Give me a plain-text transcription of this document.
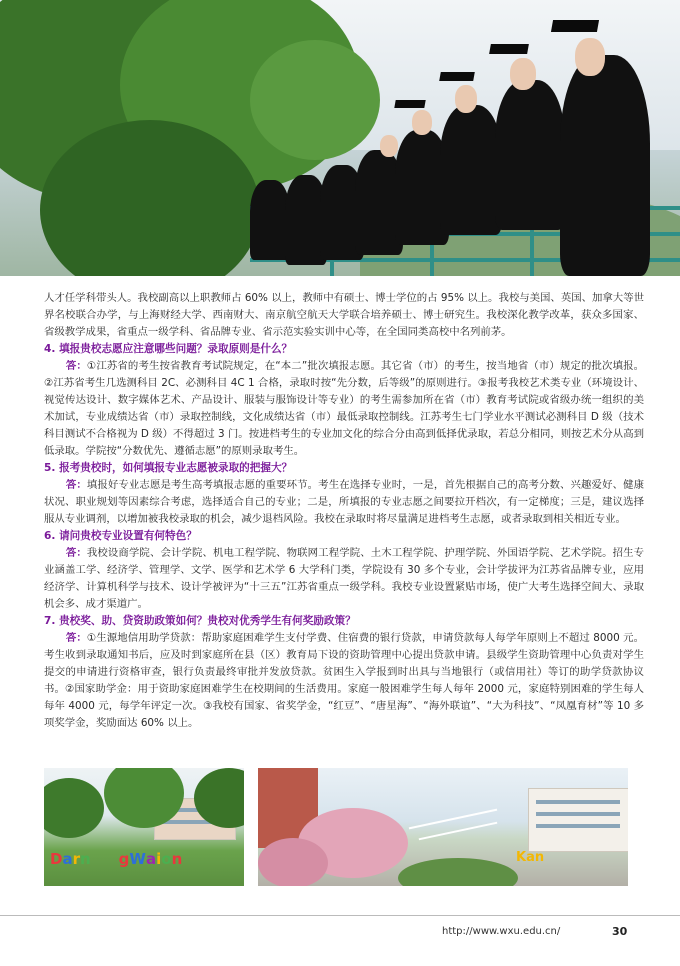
人才任学科带头人。我校副高以上职教师占 60% 以上，教师中有硕士、博士学位的占 95% 以上。我校与美国、英国、加拿大等世界名校联合办学，与上海财经大学、西南财大、南京航空航天大学联合培养硕士、博士研究生。我校深化教学改革，获众多国家、省级教学成果，省重点一级学科、省品牌专业、省示范实验实训中心等，在全国同类高校中名列前茅。

4. 填报贵校志愿应注意哪些问题？录取原则是什么？

答：①江苏省的考生按省教育考试院规定，在“本二”批次填报志愿。其它省（市）的考生，按当地省（市）规定的批次填报。②江苏省考生几选测科目 2C、必测科目 4C 1 合格，录取时按“先分数，后等级”的原则进行。③报考我校艺术类专业（环境设计、视觉传达设计、数字媒体艺术、产品设计、服装与服饰设计等专业）的考生需参加所在省（市）教育考试院或省级办统一组织的美术加试，专业成绩达省（市）录取控制线，文化成绩达省（市）最低录取控制线。江苏考生七门学业水平测试必测科目 D 级（技术科目测试不合格视为 D 级）不得超过 3 门。按进档考生的专业加文化的综合分由高到低择优录取，若总分相同，则按艺术分从高到低录取。学院按“分数优先、遵循志愿”的原则录取考生。

5. 报考贵校时，如何填报专业志愿被录取的把握大？

答：填报好专业志愿是考生高考填报志愿的重要环节。考生在选择专业时，一是，首先根据自己的高考分数、兴趣爱好、健康状况、职业规划等因素综合考虑，选择适合自己的专业；二是，所填报的专业志愿之间要拉开档次，有一定梯度；三是，建议选择服从专业调剂，以增加被我校录取的机会，减少退档风险。我校在录取时将尽量满足进档考生志愿，或者录取到相关相近专业。

6. 请问贵校专业设置有何特色？

答：我校设商学院、会计学院、机电工程学院、物联网工程学院、土木工程学院、护理学院、外国语学院、艺术学院。招生专业涵盖工学、经济学、管理学、文学、医学和艺术学 6 大学科门类，学院设有 30 多个专业，会计学拔评为江苏省品牌专业，应用经济学、计算机科学与技术、设计学被评为“十三五”江苏省重点一级学科。我校专业设置紧贴市场，使广大考生选择空间大、录取机会多、成才渠道广。

7. 贵校奖、助、贷资助政策如何？贵校对优秀学生有何奖励政策？

答：①生源地信用助学贷款：帮助家庭困难学生支付学费、住宿费的银行贷款，申请贷款每人每学年原则上不超过 8000 元。考生收到录取通知书后，应及时到家庭所在县（区）教育局下设的资助管理中心提出贷款申请。县级学生资助管理中心负责对学生提交的申请进行资格审查，银行负责最终审批并发放贷款。贫困生入学报到时出具与当地银行（或信用社）等订的助学贷款协议书。②国家助学金：用于资助家庭困难学生在校期间的生活费用。家庭一般困难学生每人每年 2000 元，家庭特别困难的学生每人每年 4000 元，每学年评定一次。③我校有国家、省奖学金，“红豆”、“唐星海”、“海外联谊”、“大为科技”、“凤凰育材”等 10 多项奖学金，奖励面达 60% 以上。

Darn gWaion	Kan
http://www.wxu.edu.cn/	30
